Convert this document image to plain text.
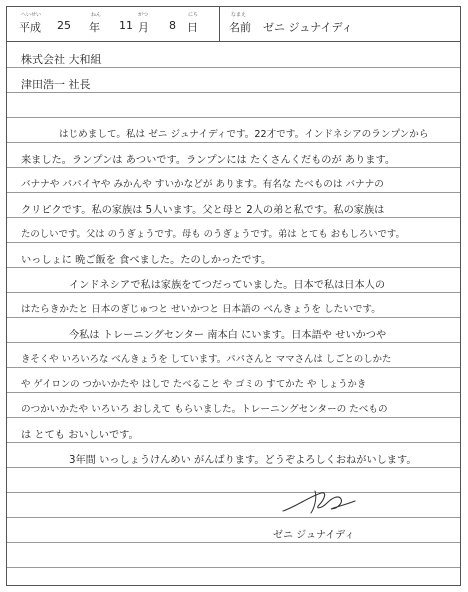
へいせい
平成 25
ねん
年 11
がつ
月 8
にち
日
なまえ
名前 ゼニ ジュナイディ
株式会社 大和組
津田浩一 社長
はじめまして。私は ゼニ ジュナイディです。22才です。インドネシアのランプンから
来ました。ランプンは あついです。ランプンには たくさんくだものが あります。
バナナや パパイヤや みかんや すいかなどが あります。有名な たべものは バナナの
クリピクです。私の家族は 5人います。父と母と 2人の弟と私です。私の家族は
たのしいです。父は のうぎょうです。母も のうぎょうです。弟は とても おもしろいです。
いっしょに 晩ご飯を 食べました。たのしかったです。
インドネシアで私は家族をてつだっていました。日本で私は日本人の
はたらきかたと 日本のぎじゅつと せいかつと 日本語の べんきょうを したいです。
今私は トレーニングセンター 南本白 にいます。日本語や せいかつや
きそくや いろいろな べんきょうを しています。パパさんと ママさんは しごとのしかた
や ゲイロンの つかいかたや はしで たべること や ゴミの すてかた や しょうかき
のつかいかたや いろいろ おしえて もらいました。トレーニングセンターの たべもの
は とても おいしいです。
3年間 いっしょうけんめい がんばります。どうぞよろしくおねがいします。
ゼニ ジュナイディ
